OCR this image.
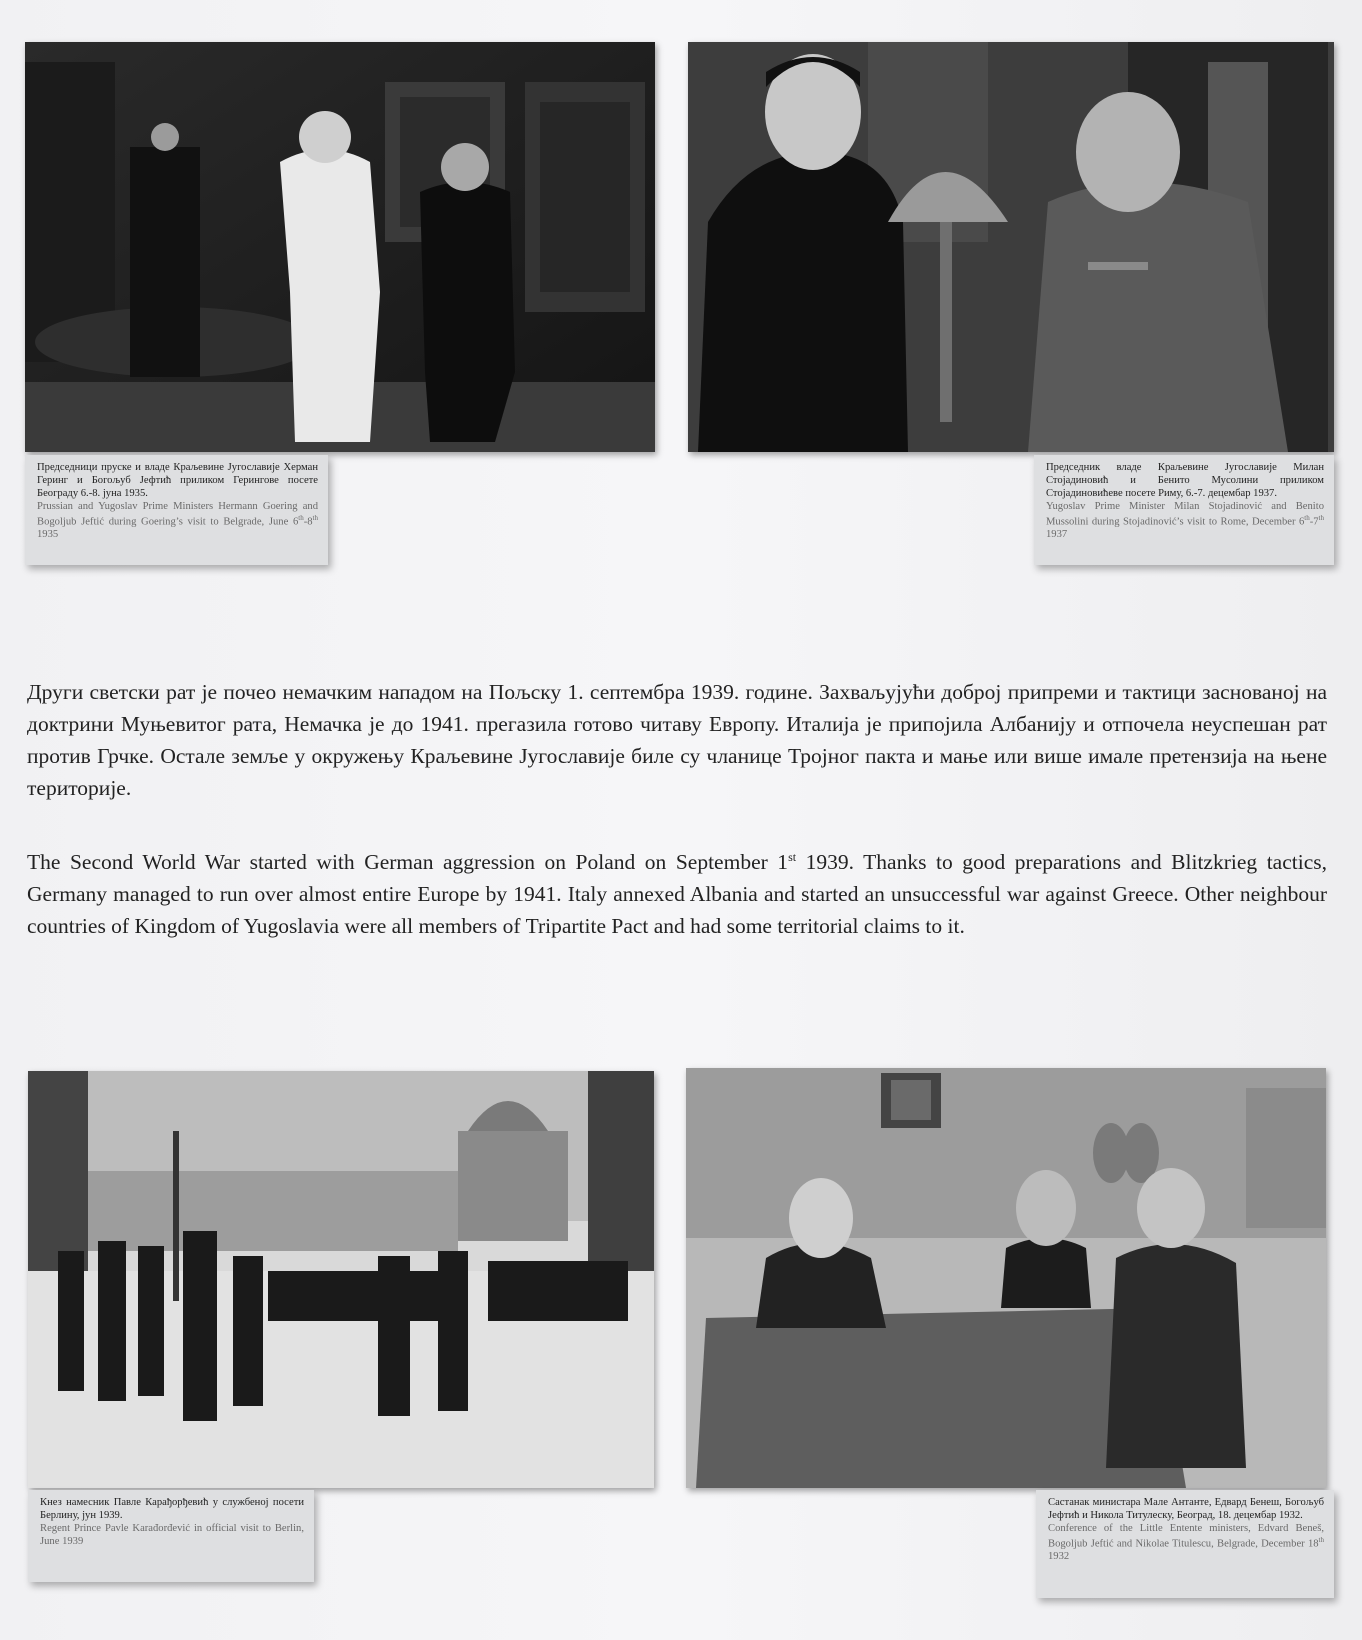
Председници пруске и владе Краљевине Југославије Херман Геринг и Богољуб Јефтић приликом Герингове посете Београду 6.-8. јуна 1935.
Prussian and Yugoslav Prime Ministers Hermann Goering and Bogoljub Jeftić during Goering’s visit to Belgrade, June 6th-8th 1935
Председник владе Краљевине Југославије Милан Стојадиновић и Бенито Мусолини приликом Стојадиновићеве посете Риму, 6.-7. децембар 1937.
Yugoslav Prime Minister Milan Stojadinović and Benito Mussolini during Stojadinović’s visit to Rome, December 6th-7th 1937
Други светски рат је почео немачким нападом на Пољску 1. септембра 1939. године. Захваљујући доброј припреми и тактици заснованој на доктрини Муњевитог рата, Немачка је до 1941. прегазила готово читаву Европу. Италија је припојила Албанију и отпочела неуспешан рат против Грчке. Остале земље у окружењу Краљевине Југославије биле су чланице Тројног пакта и мање или више имале претензија на њене територије.
The Second World War started with German aggression on Poland on September 1st 1939. Thanks to good preparations and Blitzkrieg tactics, Germany managed to run over almost entire Europe by 1941. Italy annexed Albania and started an unsuccessful war against Greece. Other neighbour countries of Kingdom of Yugoslavia were all members of Tripartite Pact and had some territorial claims to it.
Кнез намесник Павле Карађорђевић у службеној посети Берлину, јун 1939.
Regent Prince Pavle Karađorđević in official visit to Berlin, June 1939
Састанак министара Мале Антанте, Едвард Бенеш, Богољуб Јефтић и Никола Титулеску, Београд, 18. децембар 1932.
Conference of the Little Entente ministers, Edvard Beneš, Bogoljub Jeftić and Nikolae Titulescu, Belgrade, December 18th 1932
